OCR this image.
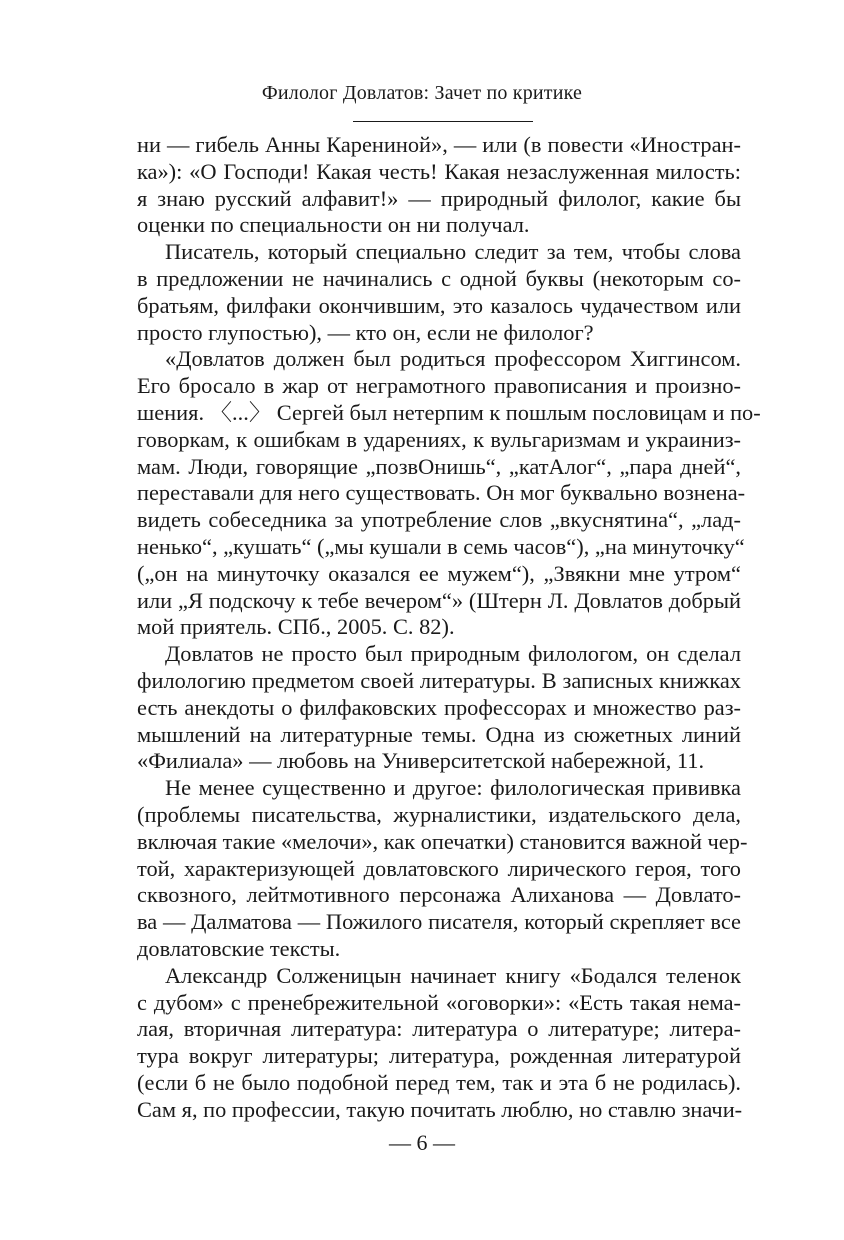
Филолог Довлатов: Зачет по критике
ни — гибель Анны Карениной», — или (в повести «Иностран-
ка»): «О Господи! Какая честь! Какая незаслуженная милость:
я знаю русский алфавит!» — природный филолог, какие бы
оценки по специальности он ни получал.
Писатель, который специально следит за тем, чтобы слова
в предложении не начинались с одной буквы (некоторым со-
братьям, филфаки окончившим, это казалось чудачеством или
просто глупостью), — кто он, если не филолог?
«Довлатов должен был родиться профессором Хиггинсом.
Его бросало в жар от неграмотного правописания и произно-
шения. 〈...〉 Сергей был нетерпим к пошлым пословицам и по-
говоркам, к ошибкам в ударениях, к вульгаризмам и украиниз-
мам. Люди, говорящие „позвОнишь“, „катАлог“, „пара дней“,
переставали для него существовать. Он мог буквально вознена-
видеть собеседника за употребление слов „вкуснятина“, „лад-
ненько“, „кушать“ („мы кушали в семь часов“), „на минуточку“
(„он на минуточку оказался ее мужем“), „Звякни мне утром“
или „Я подскочу к тебе вечером“» (Штерн Л. Довлатов добрый
мой приятель. СПб., 2005. С. 82).
Довлатов не просто был природным филологом, он сделал
филологию предметом своей литературы. В записных книжках
есть анекдоты о филфаковских профессорах и множество раз-
мышлений на литературные темы. Одна из сюжетных линий
«Филиала» — любовь на Университетской набережной, 11.
Не менее существенно и другое: филологическая прививка
(проблемы писательства, журналистики, издательского дела,
включая такие «мелочи», как опечатки) становится важной чер-
той, характеризующей довлатовского лирического героя, того
сквозного, лейтмотивного персонажа Алиханова — Довлато-
ва — Далматова — Пожилого писателя, который скрепляет все
довлатовские тексты.
Александр Солженицын начинает книгу «Бодался теленок
с дубом» с пренебрежительной «оговорки»: «Есть такая нема-
лая, вторичная литература: литература о литературе; литера-
тура вокруг литературы; литература, рожденная литературой
(если б не было подобной перед тем, так и эта б не родилась).
Сам я, по профессии, такую почитать люблю, но ставлю значи-
— 6 —
